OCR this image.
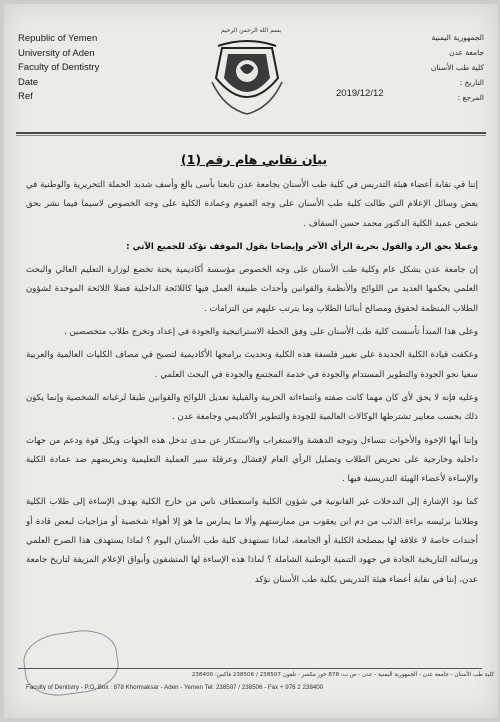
Republic of Yemen
University of Aden
Faculty of Dentistry
Date
Ref
بسم الله الرحمن الرحيم
الجمهورية اليمنية
جامعة عدن
كلية طب الأسنان
التاريخ :
المرجع :
2019/12/12
بيان نقابي هام رقم (1)

إننا في نقابة أعضاء هيئة التدريس في كلية طب الأسنان بجامعة عدن تابعنا بأسى بالغ وأسف شديد الحملة التحريرية والوطنية في بعض وسائل الإعلام التي طالت كلية طب الأسنان على وجه العموم وعمادة الكلية على وجه الخصوص لاسيما فيما نشر بحق شخص عميد الكلية الدكتور محمد حسن السقاف .

وعملا بحق الرد والقول بحرية الرأي الآخر وإيضاحا بقول الموقف نؤكد للجميع الآتي :

إن جامعة عدن بشكل عام وكلية طب الأسنان على وجه الخصوص مؤسسة أكاديمية بحتة تخضع لوزارة التعليم العالي والبحث العلمي يحكمها العديد من اللوائح والأنظمة والقوانين وأحداث طبيعة العمل فيها كاللائحة الداخلية فضلا اللائحة الموحدة لشؤون الطلاب المنظمة لحقوق ومصالح أبنائنا الطلاب وما يترتب عليهم من التزامات .

وعلى هذا المبدأ تأسست كلية طب الأسنان على وفق الخطة الاستراتيجية والجودة في إعداد وتخرج طلاب متخصصين .

وعكفت قيادة الكلية الجديدة على تغيير فلسفة هذه الكلية وتحديث برامجها الأكاديمية لتصبح في مصاف الكليات العالمية والعربية سعيا نحو الجودة والتطوير المستدام والجودة في خدمة المجتمع والجودة في البحث العلمي .

وعليه فإنه لا يحق لأي كان مهما كانت صفته وانتماءاته الحزبية والقبلية تعديل اللوائح والقوانين طبقا لرغباته الشخصية وإنما يكون ذلك بحسب معايير تشترطها الوكالات العالمية للجودة والتطوير الأكاديمي وجامعة عدن .

وإننا أيها الإخوة والأخوات نتساءل ونوجه الدهشة والاستغراب والاستنكار عن مدى تدخل هذه الجهات وبكل قوة ودعم من جهات داخلية وخارجية على تحريض الطلاب وتضليل الرأي العام لإفشال وعرقلة سير العملية التعليمية وتحريضهم ضد عمادة الكلية والإساءة لأعضاء الهيئة التدريسية فيها .

كما نود الإشارة إلى التدخلات غير القانونية في شؤون الكلية واستعطاف ناس من خارج الكلية بهدف الإساءة إلى طلاب الكلية وطلابنا برئيسه براءة الذئب من دم ابن يعقوب من ممارستهم وألا ما يمارس ما هو إلا أهواء شخصية أو مزاجيات لبعض قادة أو أجندات خاصة لا علاقة لها بمصلحة الكلية أو الجامعة، لماذا تستهدف كلية طب الأسنان اليوم ؟ لماذا يستهدف هذا الصرح العلمي ورسالته التاريخية الجادة في جهود التنمية الوطنية الشاملة ؟ لماذا هذه الإساءة لها المتشفون وأبواق الإعلام المزيفة لتاريخ جامعة عدن، إننا في نقابة أعضاء هيئة التدريس بكلية طب الأسنان نؤكد

كلية طب الأسنان - جامعة عدن - الجمهورية اليمنية - عدن - ص.ب: 878 خور مكسر - تلفون 238507 / 238506 فاكس: 238400
Faculty of Dentistry - P.O. Box : 878 Khormaksar - Aden - Yemen Tel: 238507 / 238506 - Fax + 976 2 238400
